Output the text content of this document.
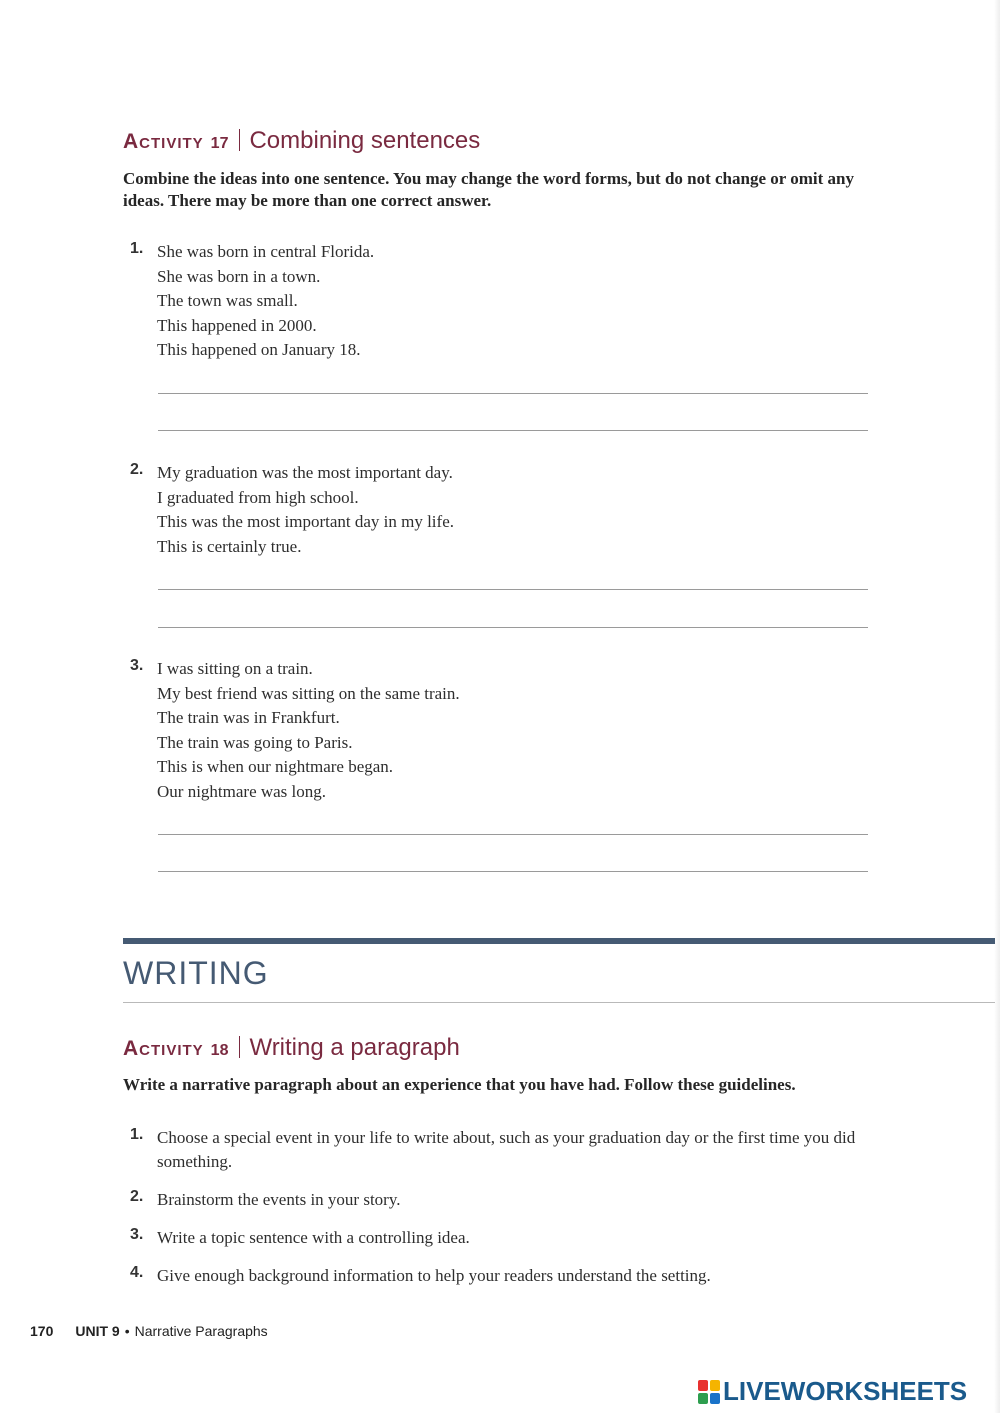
Activity 17 Combining sentences
Combine the ideas into one sentence. You may change the word forms, but do not change or omit any ideas. There may be more than one correct answer.
1. She was born in central Florida.
She was born in a town.
The town was small.
This happened in 2000.
This happened on January 18.
2. My graduation was the most important day.
I graduated from high school.
This was the most important day in my life.
This is certainly true.
3. I was sitting on a train.
My best friend was sitting on the same train.
The train was in Frankfurt.
The train was going to Paris.
This is when our nightmare began.
Our nightmare was long.
WRITING
Activity 18 Writing a paragraph
Write a narrative paragraph about an experience that you have had. Follow these guidelines.
1. Choose a special event in your life to write about, such as your graduation day or the first time you did something.
2. Brainstorm the events in your story.
3. Write a topic sentence with a controlling idea.
4. Give enough background information to help your readers understand the setting.
170 UNIT 9 • Narrative Paragraphs
LIVEWORKSHEETS
